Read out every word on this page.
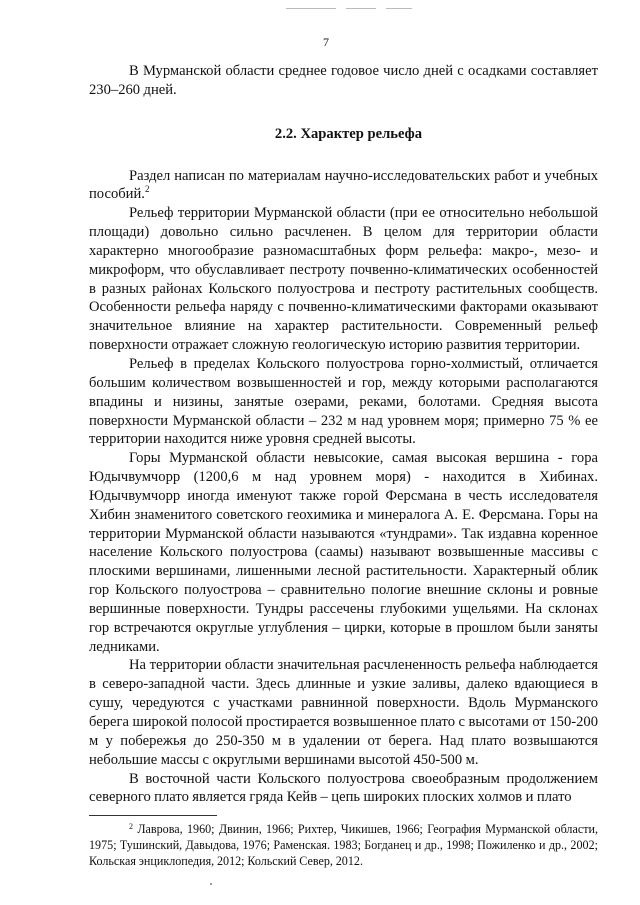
7

В Мурманской области среднее годовое число дней с осадками составляет 230–260 дней.

2.2. Характер рельефа

Раздел написан по материалам научно-исследовательских работ и учебных пособий.$^2$

Рельеф территории Мурманской области (при ее относительно небольшой площади) довольно сильно расчленен. В целом для территории области характерно многообразие разномасштабных форм рельефа: макро-, мезо- и микроформ, что обуславливает пестроту почвенно-климатических особенностей в разных районах Кольского полуострова и пестроту растительных сообществ. Особенности рельефа наряду с почвенно-климатическими факторами оказывают значительное влияние на характер растительности. Современный рельеф поверхности отражает сложную геологическую историю развития территории.

Рельеф в пределах Кольского полуострова горно-холмистый, отличается большим количеством возвышенностей и гор, между которыми располагаются впадины и низины, занятые озерами, реками, болотами. Средняя высота поверхности Мурманской области – 232 м над уровнем моря; примерно 75 % ее территории находится ниже уровня средней высоты.

Горы Мурманской области невысокие, самая высокая вершина - гора Юдычвумчорр (1200,6 м над уровнем моря) - находится в Хибинах. Юдычвумчорр иногда именуют также горой Ферсмана в честь исследователя Хибин знаменитого советского геохимика и минералога А. Е. Ферсмана. Горы на территории Мурманской области называются «тундрами». Так издавна коренное население Кольского полуострова (саамы) называют возвышенные массивы с плоскими вершинами, лишенными лесной растительности. Характерный облик гор Кольского полуострова – сравнительно пологие внешние склоны и ровные вершинные поверхности. Тундры рассечены глубокими ущельями. На склонах гор встречаются округлые углубления – цирки, которые в прошлом были заняты ледниками.

На территории области значительная расчлененность рельефа наблюдается в северо-западной части. Здесь длинные и узкие заливы, далеко вдающиеся в сушу, чередуются с участками равнинной поверхности. Вдоль Мурманского берега широкой полосой простирается возвышенное плато с высотами от 150-200 м у побережья до 250-350 м в удалении от берега. Над плато возвышаются небольшие массы с округлыми вершинами высотой 450-500 м.

В восточной части Кольского полуострова своеобразным продолжением северного плато является гряда Кейв – цепь широких плоских холмов и плато

$^2$ Лаврова, 1960; Двинин, 1966; Рихтер, Чикишев, 1966; География Мурманской области, 1975; Тушинский, Давыдова, 1976; Раменская. 1983; Богданец и др., 1998; Пожиленко и др., 2002; Кольская энциклопедия, 2012; Кольский Север, 2012.
